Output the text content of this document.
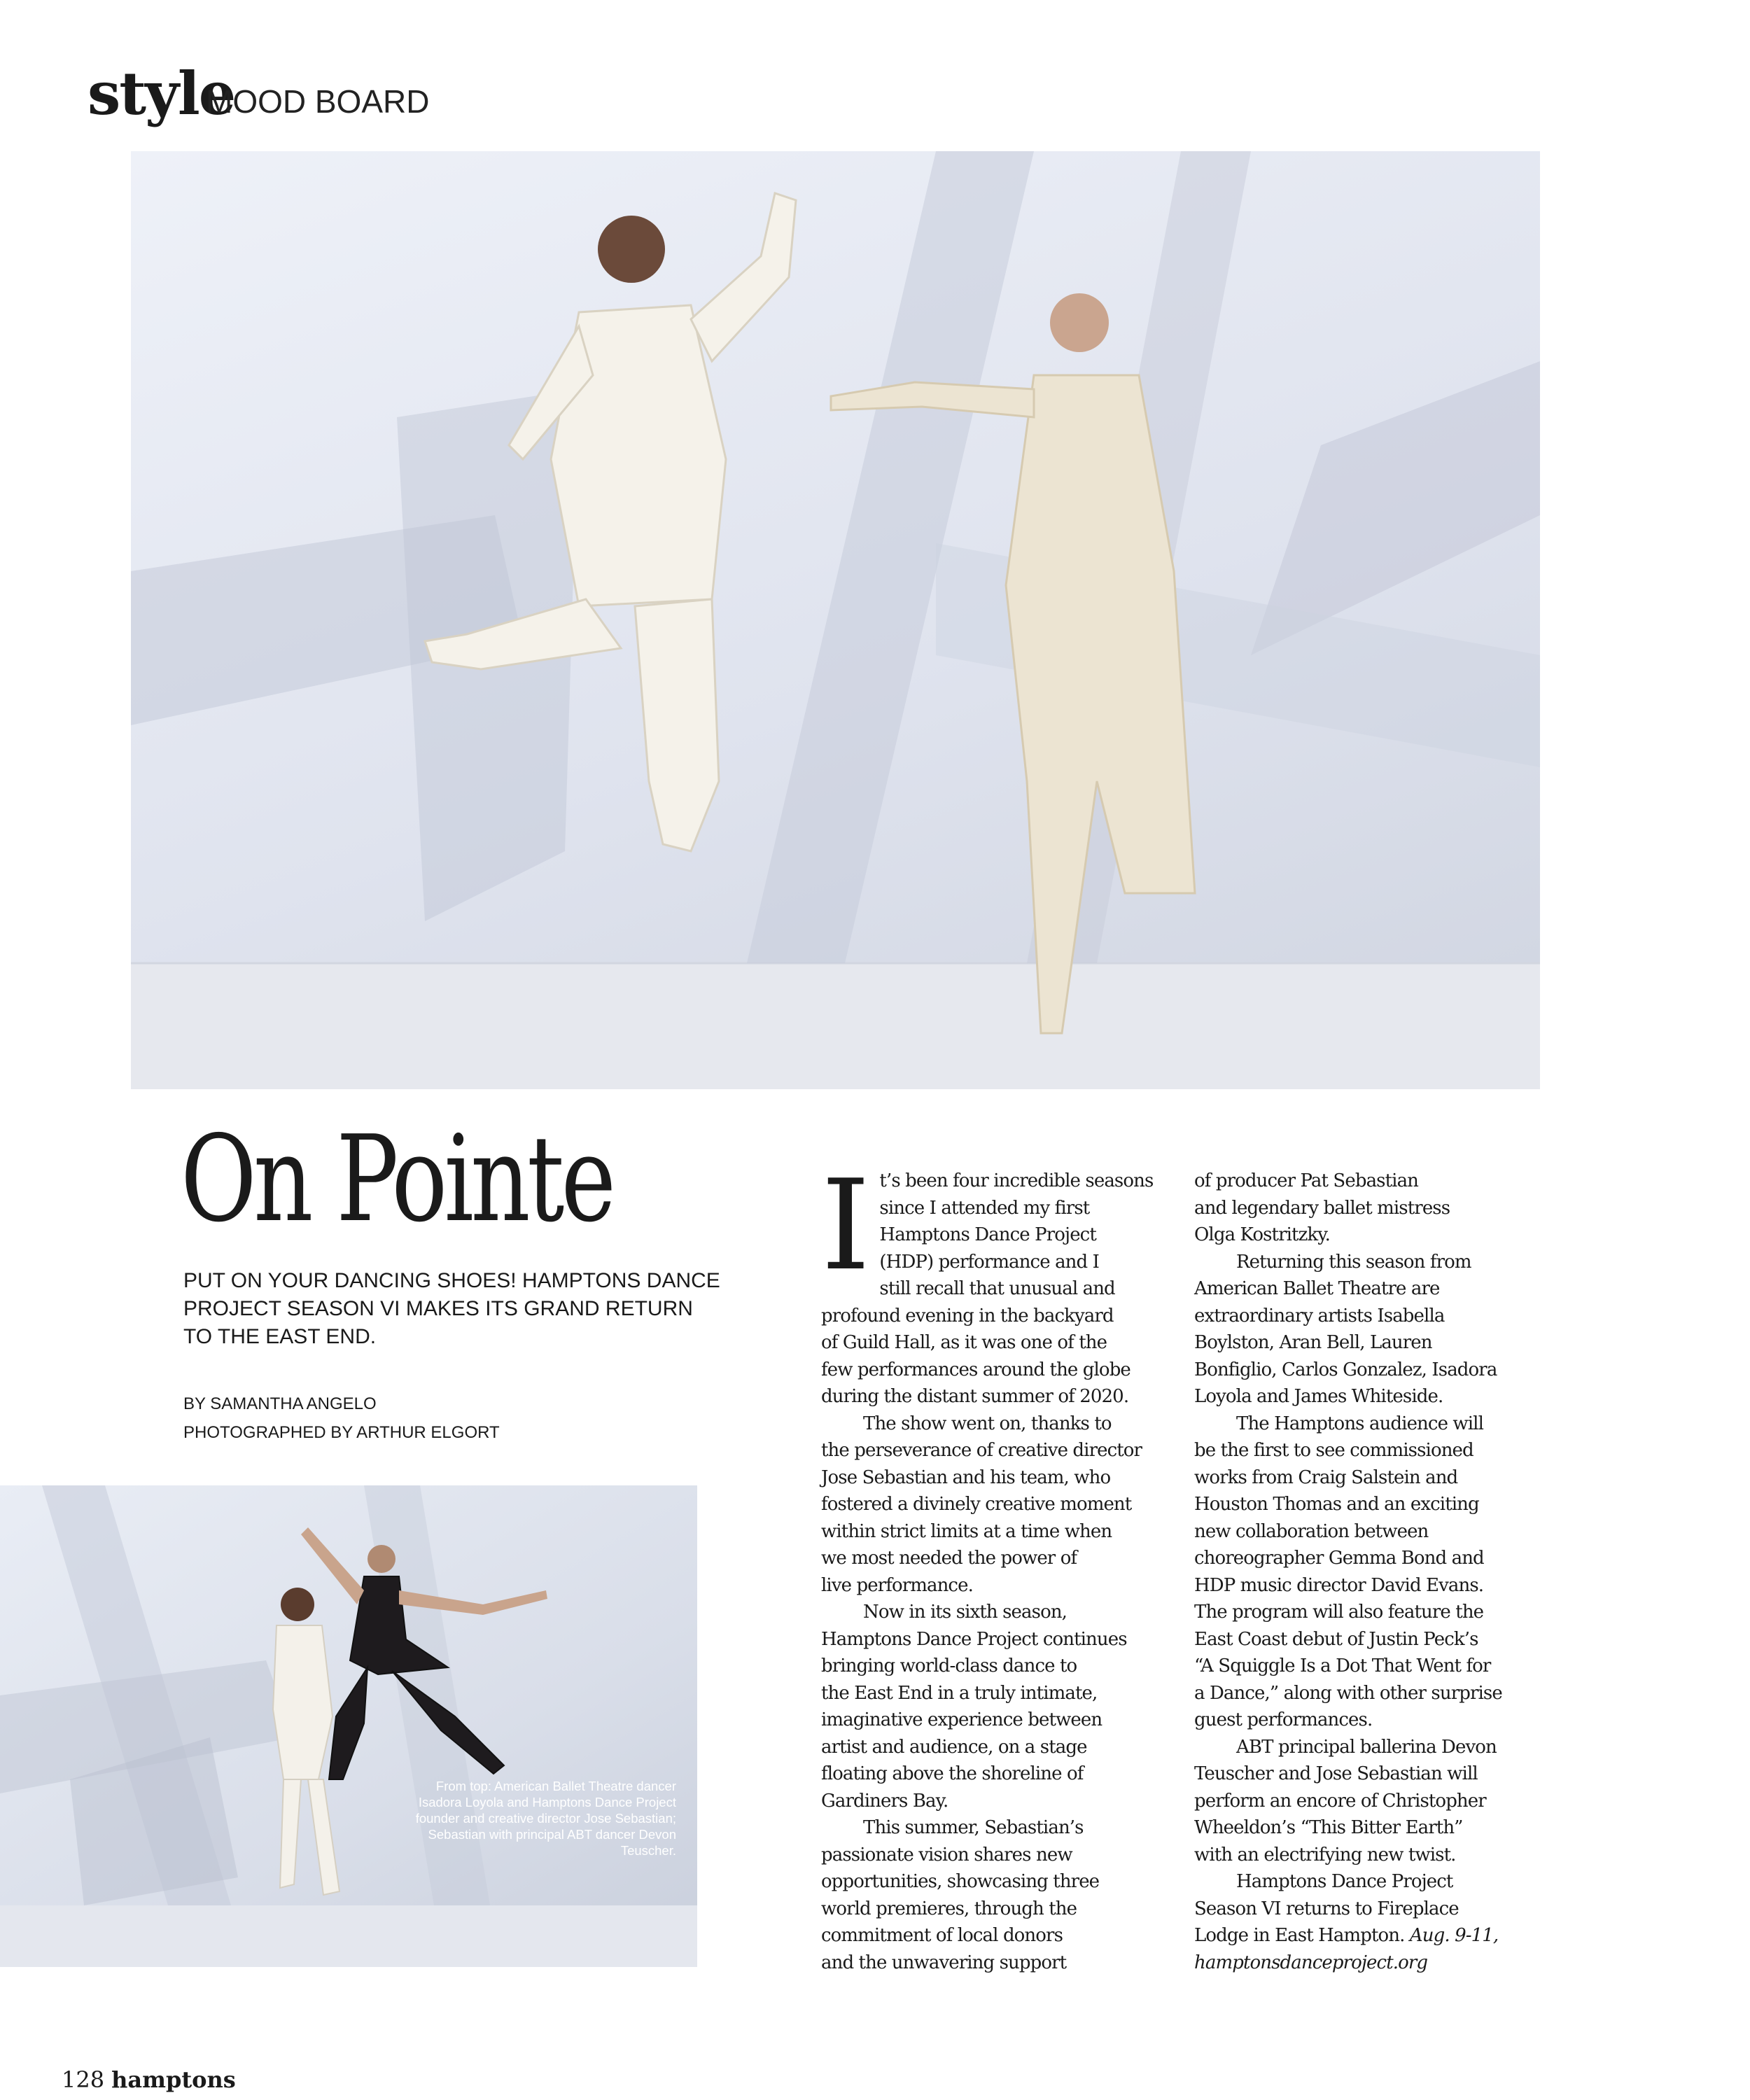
style
MOOD BOARD
On Pointe
PUT ON YOUR DANCING SHOES! HAMPTONS DANCE PROJECT SEASON VI MAKES ITS GRAND RETURN TO THE EAST END.
BY SAMANTHA ANGELO
PHOTOGRAPHED BY ARTHUR ELGORT
From top: American Ballet Theatre dancer Isadora Loyola and Hamptons Dance Project founder and creative director Jose Sebastian; Sebastian with principal ABT dancer Devon Teuscher.
I t’s been four incredible seasons

since I attended my first

Hamptons Dance Project

(HDP) performance and I

still recall that unusual and

profound evening in the backyard

of Guild Hall, as it was one of the

few performances around the globe

during the distant summer of 2020.

The show went on, thanks to

the perseverance of creative director

Jose Sebastian and his team, who

fostered a divinely creative moment

within strict limits at a time when

we most needed the power of

live performance.

Now in its sixth season,

Hamptons Dance Project continues

bringing world-class dance to

the East End in a truly intimate,

imaginative experience between

artist and audience, on a stage

floating above the shoreline of

Gardiners Bay.

This summer, Sebastian’s

passionate vision shares new

opportunities, showcasing three

world premieres, through the

commitment of local donors

and the unwavering support

of producer Pat Sebastian

and legendary ballet mistress

Olga Kostritzky.

Returning this season from

American Ballet Theatre are

extraordinary artists Isabella

Boylston, Aran Bell, Lauren

Bonfiglio, Carlos Gonzalez, Isadora

Loyola and James Whiteside.

The Hamptons audience will

be the first to see commissioned

works from Craig Salstein and

Houston Thomas and an exciting

new collaboration between

choreographer Gemma Bond and

HDP music director David Evans.

The program will also feature the

East Coast debut of Justin Peck’s

“A Squiggle Is a Dot That Went for

a Dance,” along with other surprise

guest performances.

ABT principal ballerina Devon

Teuscher and Jose Sebastian will

perform an encore of Christopher

Wheeldon’s “This Bitter Earth”

with an electrifying new twist.

Hamptons Dance Project

Season VI returns to Fireplace

Lodge in East Hampton. Aug. 9-11,

hamptonsdanceproject.org

128 hamptons
